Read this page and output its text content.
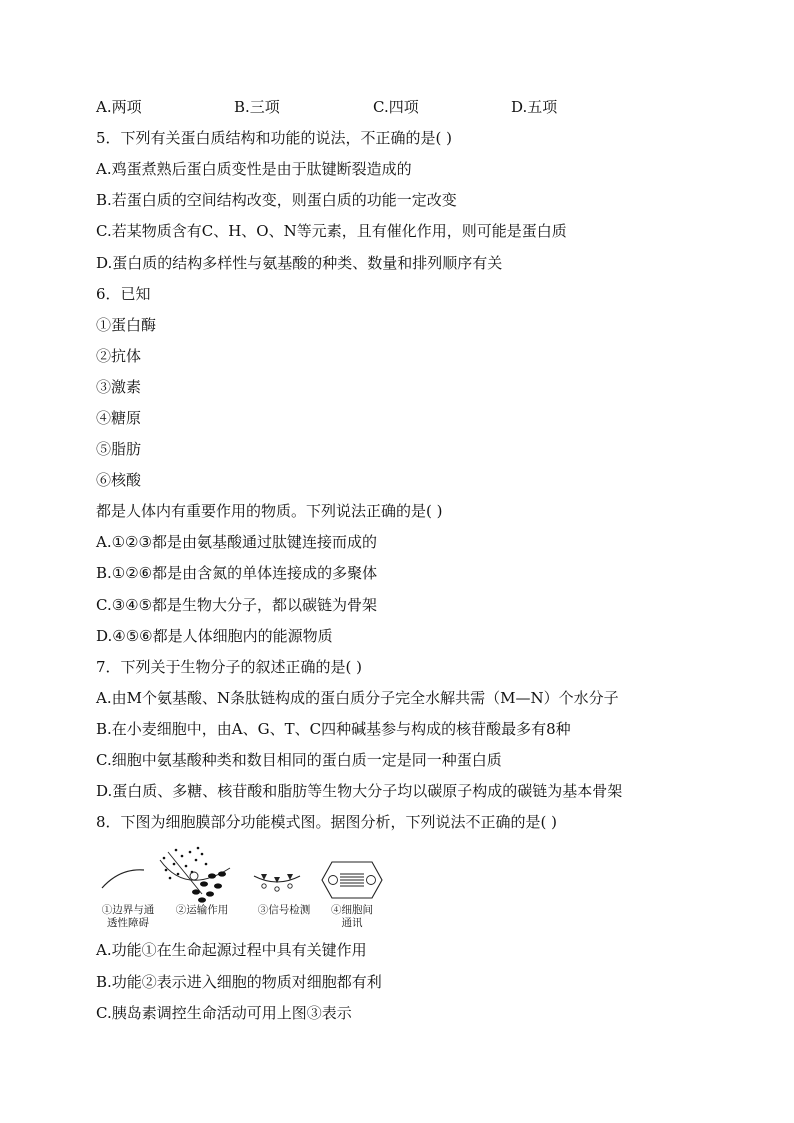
A.两项	B.三项	C.四项	D.五项
5．下列有关蛋白质结构和功能的说法，不正确的是( )
A.鸡蛋煮熟后蛋白质变性是由于肽键断裂造成的
B.若蛋白质的空间结构改变，则蛋白质的功能一定改变
C.若某物质含有C、H、O、N等元素，且有催化作用，则可能是蛋白质
D.蛋白质的结构多样性与氨基酸的种类、数量和排列顺序有关
6．已知
①蛋白酶
②抗体
③激素
④糖原
⑤脂肪
⑥核酸
都是人体内有重要作用的物质。下列说法正确的是( )
A.①②③都是由氨基酸通过肽键连接而成的
B.①②⑥都是由含氮的单体连接成的多聚体
C.③④⑤都是生物大分子，都以碳链为骨架
D.④⑤⑥都是人体细胞内的能源物质
7．下列关于生物分子的叙述正确的是( )
A.由M个氨基酸、N条肽链构成的蛋白质分子完全水解共需（M—N）个水分子
B.在小麦细胞中，由A、G、T、C四种碱基参与构成的核苷酸最多有8种
C.细胞中氨基酸种类和数目相同的蛋白质一定是同一种蛋白质
D.蛋白质、多糖、核苷酸和脂肪等生物大分子均以碳原子构成的碳链为基本骨架
8．下图为细胞膜部分功能模式图。据图分析，下列说法不正确的是( )
①边界与通
透性障碍
②运输作用	③信号检测	④细胞间
通讯
A.功能①在生命起源过程中具有关键作用
B.功能②表示进入细胞的物质对细胞都有利
C.胰岛素调控生命活动可用上图③表示
